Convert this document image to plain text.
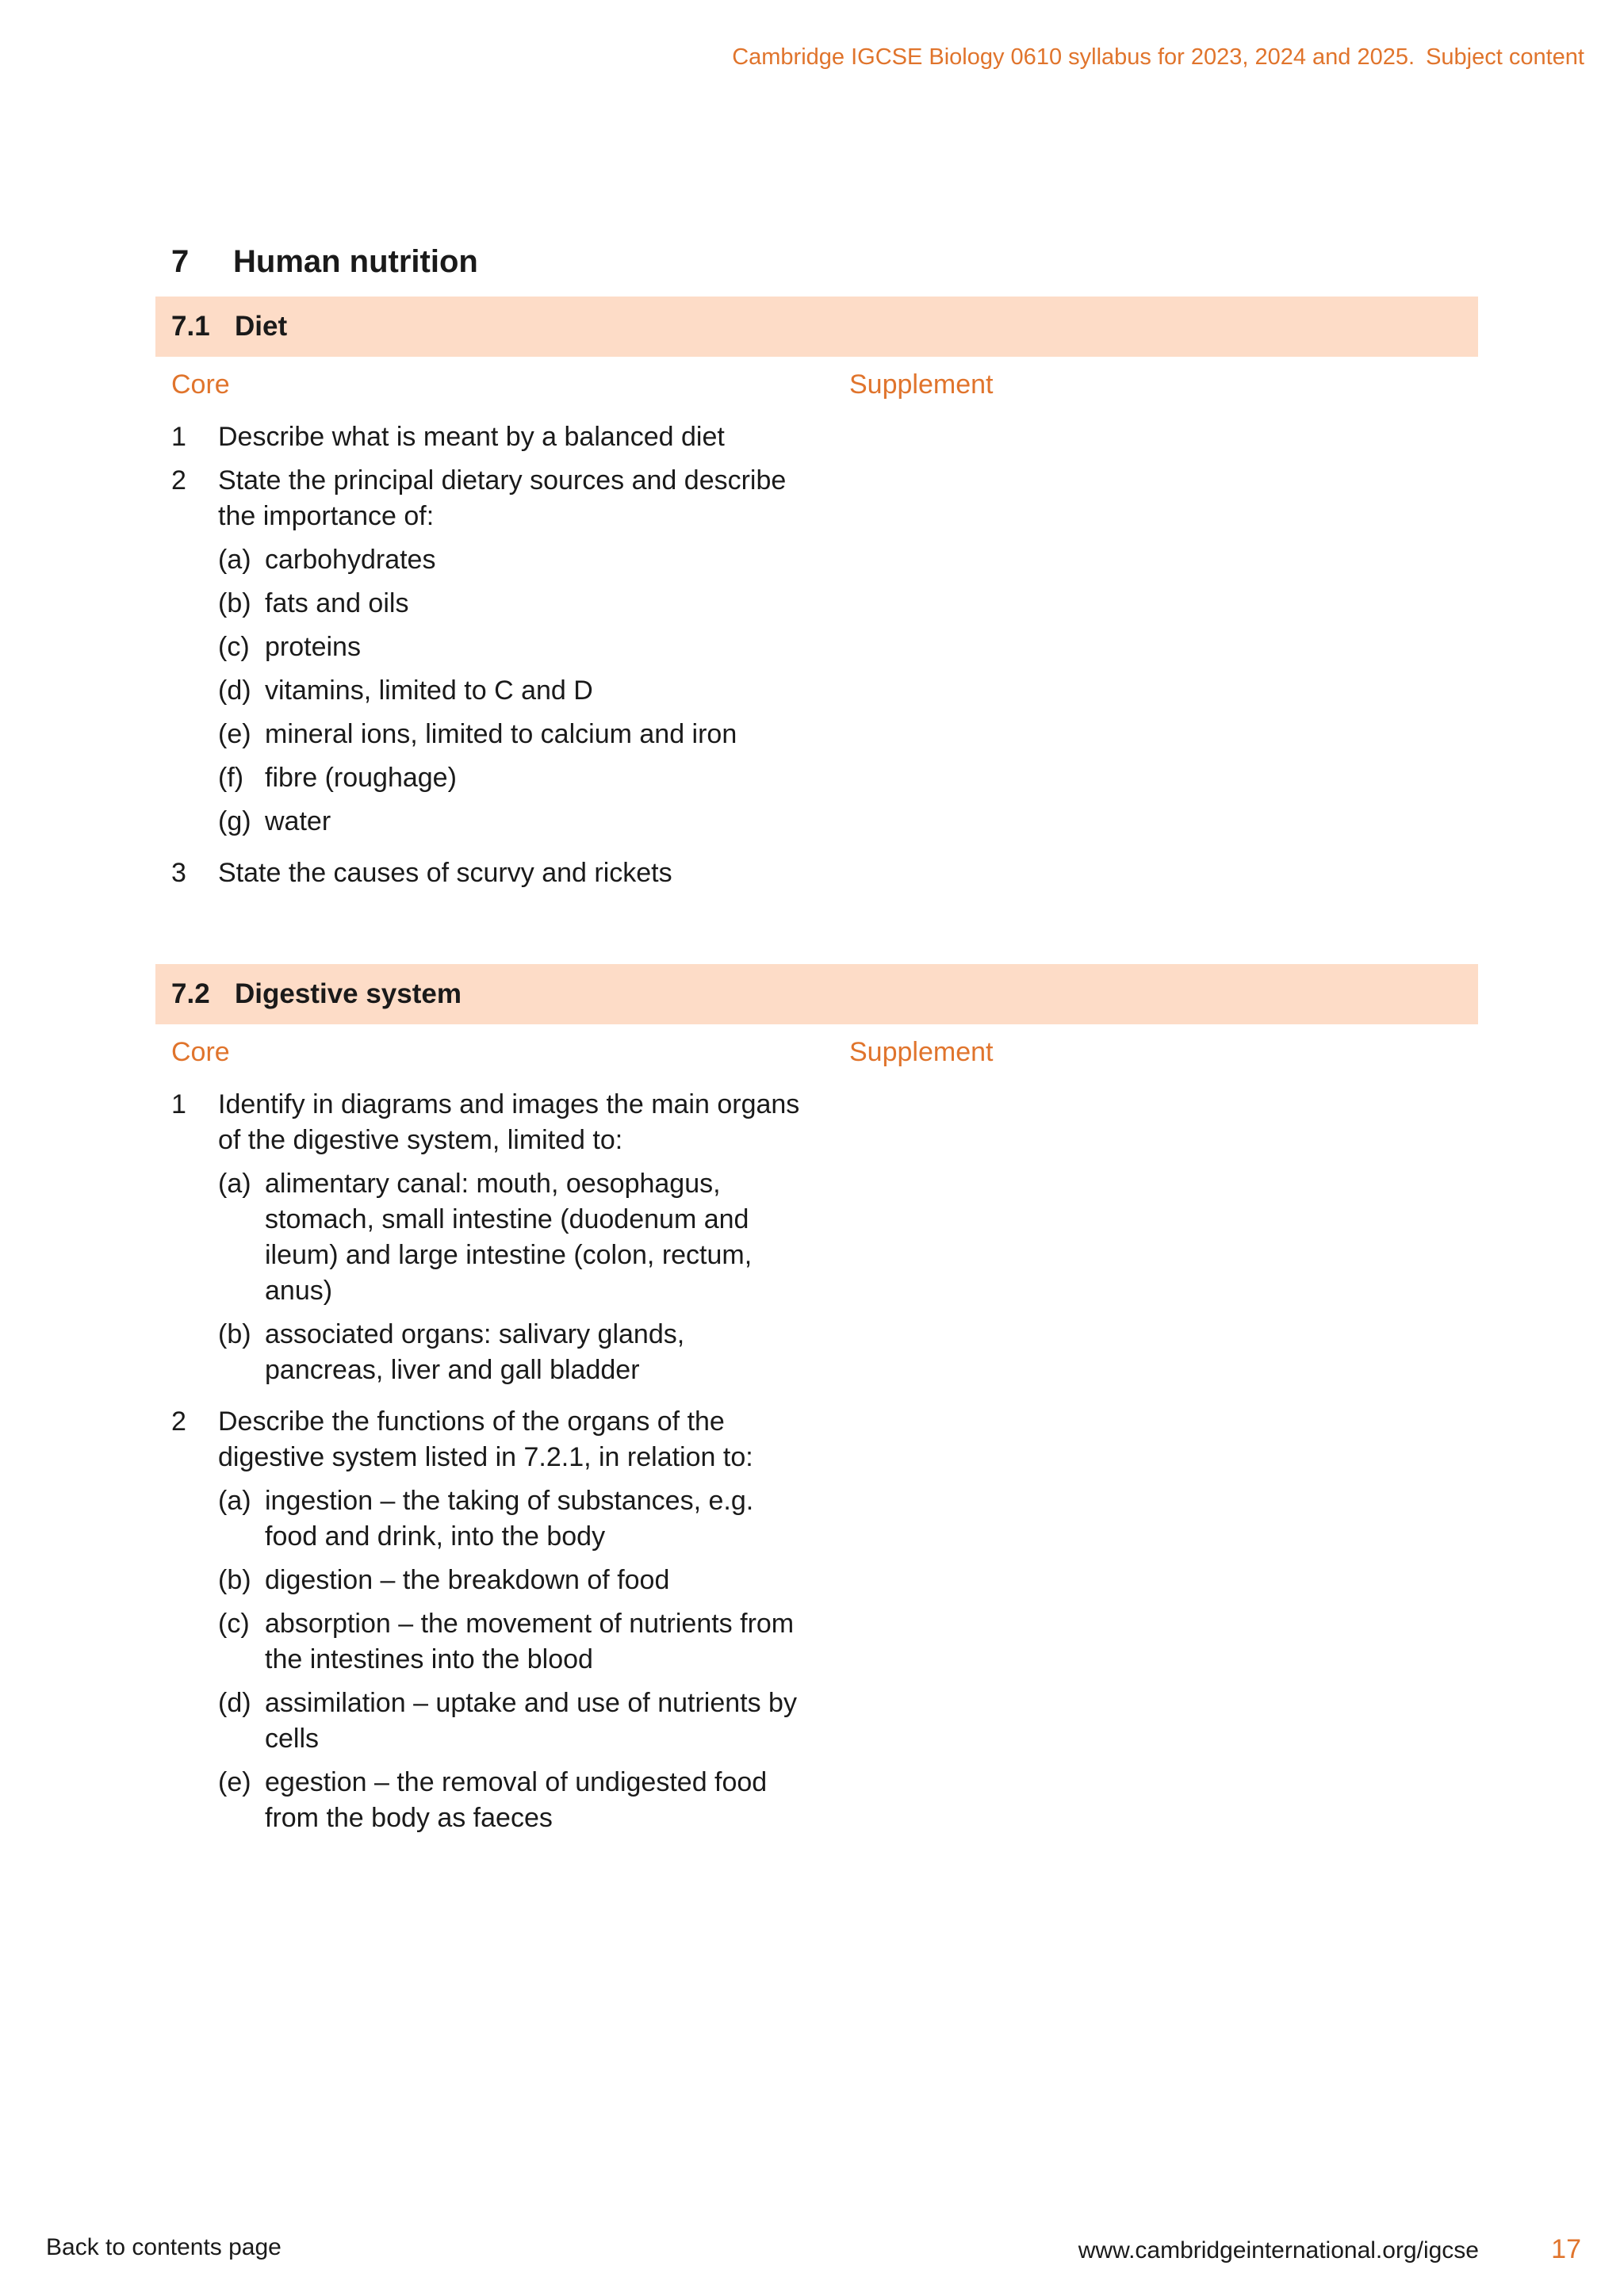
Cambridge IGCSE Biology 0610 syllabus for 2023, 2024 and 2025. Subject content
7 Human nutrition
7.1 Diet
Core	Supplement
1 Describe what is meant by a balanced diet
2 State the principal dietary sources and describe the importance of:
(a) carbohydrates
(b) fats and oils
(c) proteins
(d) vitamins, limited to C and D
(e) mineral ions, limited to calcium and iron
(f) fibre (roughage)
(g) water
3 State the causes of scurvy and rickets
7.2 Digestive system
Core	Supplement
1 Identify in diagrams and images the main organs of the digestive system, limited to:
(a) alimentary canal: mouth, oesophagus, stomach, small intestine (duodenum and ileum) and large intestine (colon, rectum, anus)
(b) associated organs: salivary glands, pancreas, liver and gall bladder
2 Describe the functions of the organs of the digestive system listed in 7.2.1, in relation to:
(a) ingestion – the taking of substances, e.g. food and drink, into the body
(b) digestion – the breakdown of food
(c) absorption – the movement of nutrients from the intestines into the blood
(d) assimilation – uptake and use of nutrients by cells
(e) egestion – the removal of undigested food from the body as faeces
Back to contents page	www.cambridgeinternational.org/igcse	17
